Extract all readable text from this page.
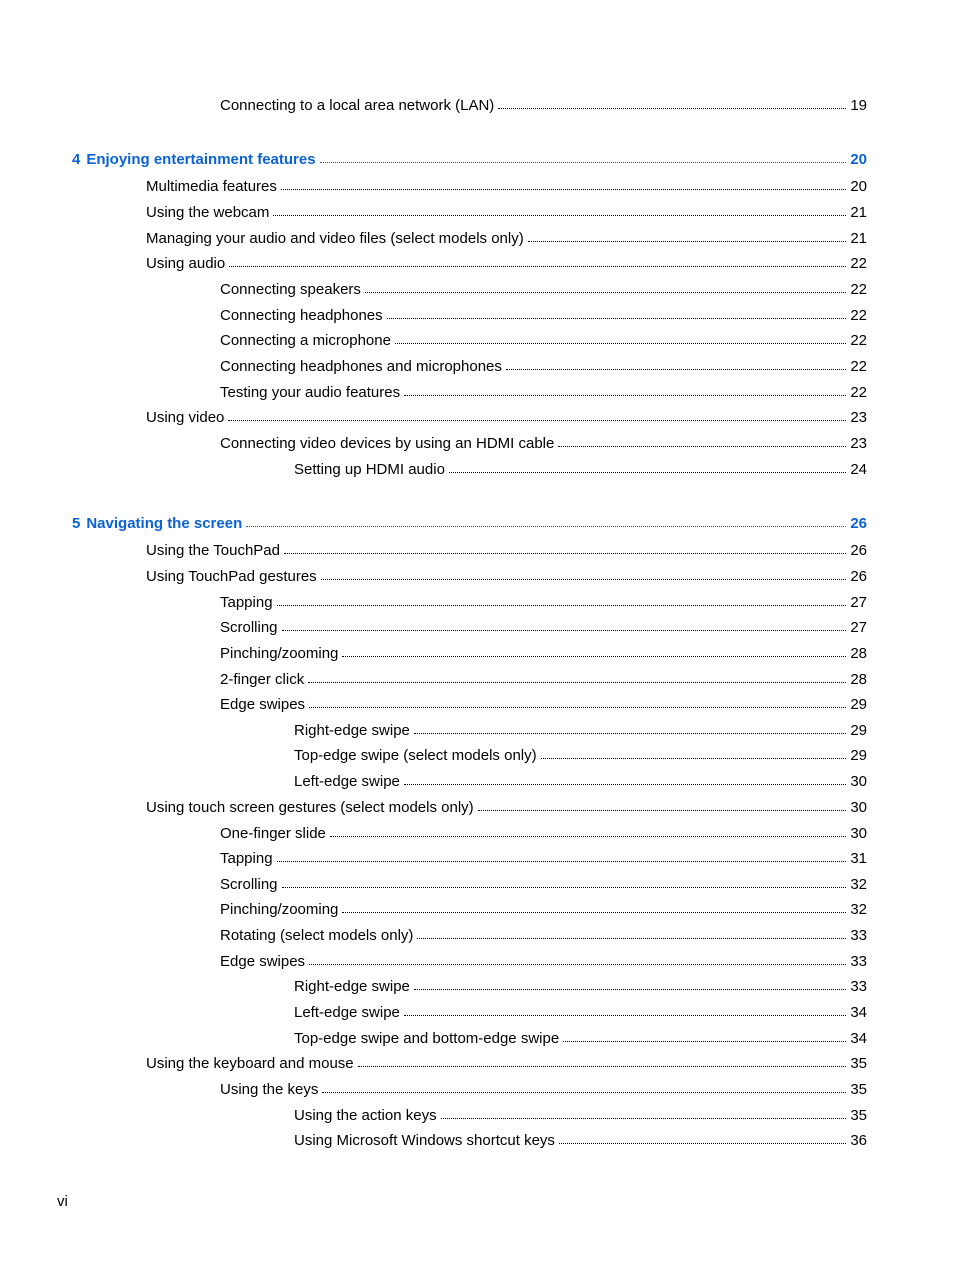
Connecting to a local area network (LAN)	19
4 Enjoying entertainment features	20
Multimedia features	20
Using the webcam	21
Managing your audio and video files (select models only)	21
Using audio	22
Connecting speakers	22
Connecting headphones	22
Connecting a microphone	22
Connecting headphones and microphones	22
Testing your audio features	22
Using video	23
Connecting video devices by using an HDMI cable	23
Setting up HDMI audio	24
5 Navigating the screen	26
Using the TouchPad	26
Using TouchPad gestures	26
Tapping	27
Scrolling	27
Pinching/zooming	28
2-finger click	28
Edge swipes	29
Right-edge swipe	29
Top-edge swipe (select models only)	29
Left-edge swipe	30
Using touch screen gestures (select models only)	30
One-finger slide	30
Tapping	31
Scrolling	32
Pinching/zooming	32
Rotating (select models only)	33
Edge swipes	33
Right-edge swipe	33
Left-edge swipe	34
Top-edge swipe and bottom-edge swipe	34
Using the keyboard and mouse	35
Using the keys	35
Using the action keys	35
Using Microsoft Windows shortcut keys	36
vi
